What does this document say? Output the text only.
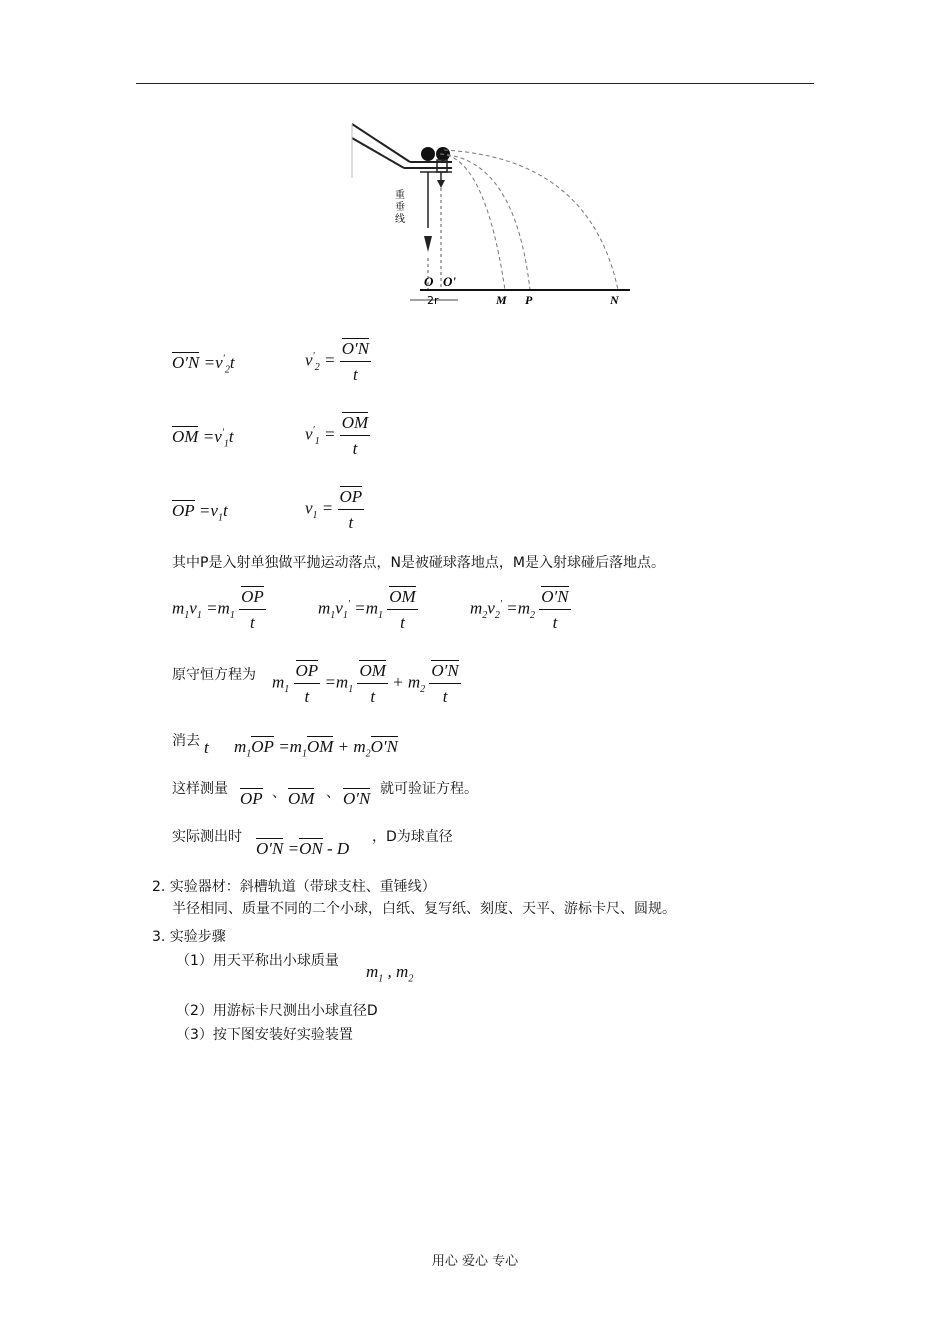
2r
重
垂
线
O O'
M P	N
$O'N =v'_2t$	$v'_2 = \frac{O'N}{t}$
OM $=v'_1t$	$v'_1 = \frac{OM}{t}$
OP $=v_1t$	$v_1 = \frac{OP}{t}$
其中P是入射单独做平抛运动落点，N是被碰球落地点，M是入射球碰后落地点。
$m_1v_1 =m_1 \frac{OP}{t}$	$m_1v_1' =m_1 \frac{OM}{t}$	$m_2v_2' =m_2 \frac{O'N}{t}$
原守恒方程为 $m_1 \frac{OP}{t} =m_1 \frac{OM}{t} + m_2 \frac{O'N}{t}$
消去 t $m_1OP =m_1OM + m_2O'N$
这样测量 OP 、 OM 、 O′N 就可验证方程。
实际测出时
O′N =ON - D
，D为球直径
2. 实验器材：斜槽轨道（带球支柱、重锤线）
半径相同、质量不同的二个小球，白纸、复写纸、刻度、天平、游标卡尺、圆规。
3. 实验步骤
（1）用天平称出小球质量
$m_1$ , $m_2$
（2）用游标卡尺测出小球直径D
（3）按下图安装好实验装置
用心 爱心 专心
